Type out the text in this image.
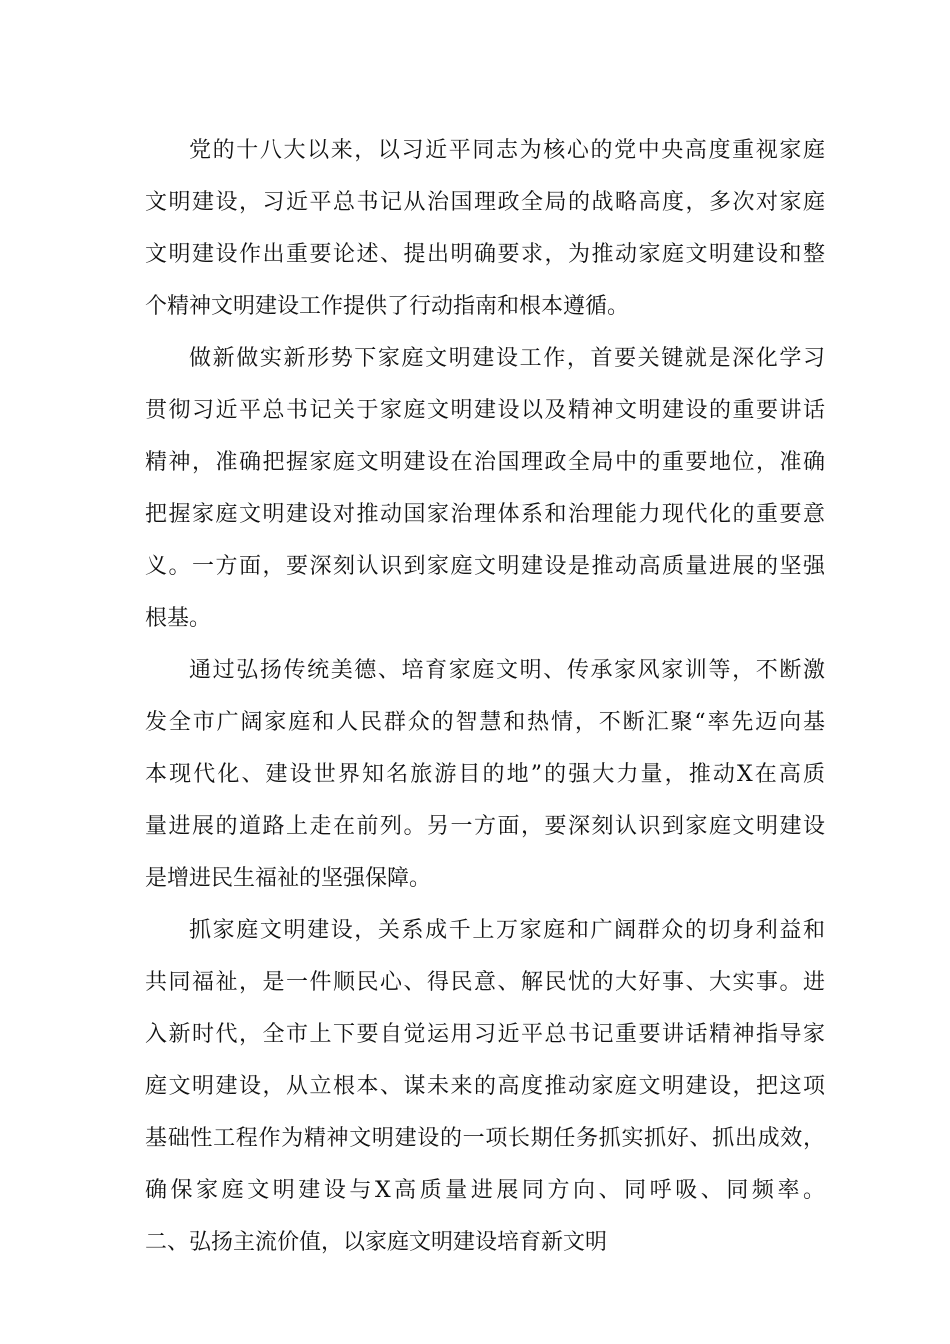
党的十八大以来，以习近平同志为核心的党中央高度重视家庭
文明建设，习近平总书记从治国理政全局的战略高度，多次对家庭
文明建设作出重要论述、提出明确要求，为推动家庭文明建设和整
个精神文明建设工作提供了行动指南和根本遵循。
做新做实新形势下家庭文明建设工作，首要关键就是深化学习
贯彻习近平总书记关于家庭文明建设以及精神文明建设的重要讲话
精神，准确把握家庭文明建设在治国理政全局中的重要地位，准确
把握家庭文明建设对推动国家治理体系和治理能力现代化的重要意
义。一方面，要深刻认识到家庭文明建设是推动高质量进展的坚强
根基。
通过弘扬传统美德、培育家庭文明、传承家风家训等，不断激
发全市广阔家庭和人民群众的智慧和热情，不断汇聚“率先迈向基
本现代化、建设世界知名旅游目的地”的强大力量，推动X在高质
量进展的道路上走在前列。另一方面，要深刻认识到家庭文明建设
是增进民生福祉的坚强保障。
抓家庭文明建设，关系成千上万家庭和广阔群众的切身利益和
共同福祉，是一件顺民心、得民意、解民忧的大好事、大实事。进
入新时代，全市上下要自觉运用习近平总书记重要讲话精神指导家
庭文明建设，从立根本、谋未来的高度推动家庭文明建设，把这项
基础性工程作为精神文明建设的一项长期任务抓实抓好、抓出成效，
确保家庭文明建设与X高质量进展同方向、同呼吸、同频率。
二、弘扬主流价值，以家庭文明建设培育新文明
